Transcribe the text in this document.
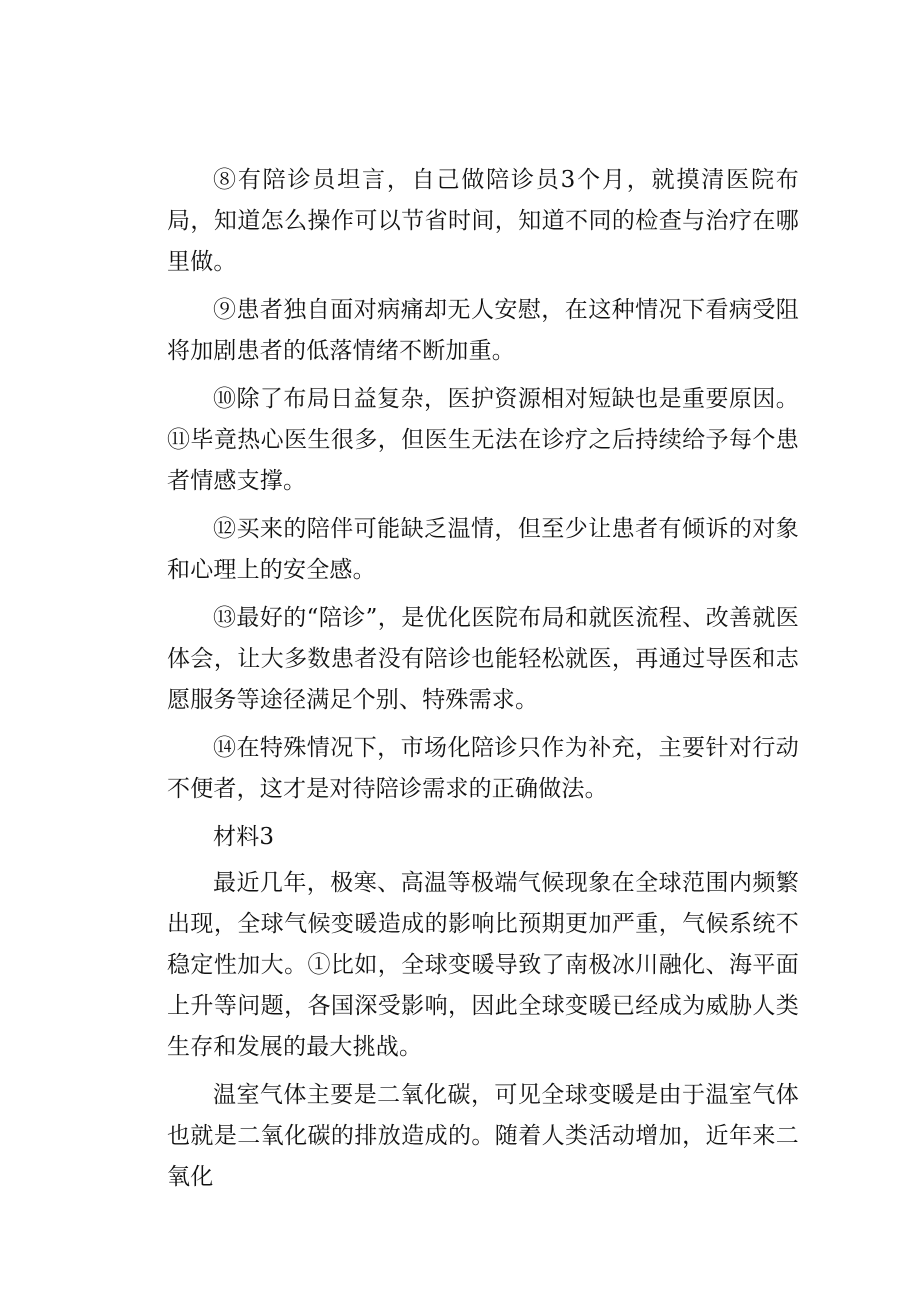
⑧有陪诊员坦言，自己做陪诊员3个月，就摸清医院布局，知道怎么操作可以节省时间，知道不同的检查与治疗在哪里做。

⑨患者独自面对病痛却无人安慰，在这种情况下看病受阻将加剧患者的低落情绪不断加重。

⑩除了布局日益复杂，医护资源相对短缺也是重要原因。⑪毕竟热心医生很多，但医生无法在诊疗之后持续给予每个患者情感支撑。

⑫买来的陪伴可能缺乏温情，但至少让患者有倾诉的对象和心理上的安全感。

⑬最好的“陪诊”，是优化医院布局和就医流程、改善就医体会，让大多数患者没有陪诊也能轻松就医，再通过导医和志愿服务等途径满足个别、特殊需求。

⑭在特殊情况下，市场化陪诊只作为补充，主要针对行动不便者，这才是对待陪诊需求的正确做法。

材料3

最近几年，极寒、高温等极端气候现象在全球范围内频繁出现，全球气候变暖造成的影响比预期更加严重，气候系统不稳定性加大。①比如，全球变暖导致了南极冰川融化、海平面上升等问题，各国深受影响，因此全球变暖已经成为威胁人类生存和发展的最大挑战。

温室气体主要是二氧化碳，可见全球变暖是由于温室气体也就是二氧化碳的排放造成的。随着人类活动增加，近年来二氧化
